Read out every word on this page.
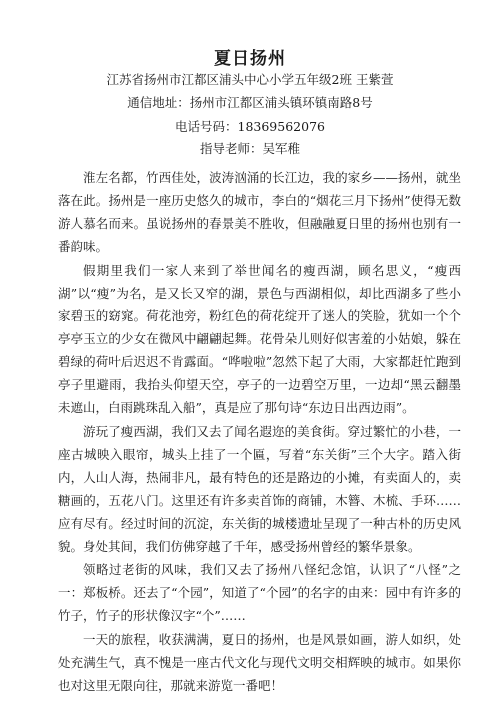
夏日扬州
江苏省扬州市江都区浦头中心小学五年级2班 王紫萱
通信地址：扬州市江都区浦头镇环镇南路8号
电话号码：18369562076
指导老师：吴军稚

淮左名都，竹西佳处，波涛汹涌的长江边，我的家乡——扬州，就坐落在此。扬州是一座历史悠久的城市，李白的“烟花三月下扬州”使得无数游人慕名而来。虽说扬州的春景美不胜收，但融融夏日里的扬州也别有一番韵味。

假期里我们一家人来到了举世闻名的瘦西湖，顾名思义，“瘦西湖”以“瘦”为名，是又长又窄的湖，景色与西湖相似，却比西湖多了些小家碧玉的窈窕。荷花池旁，粉红色的荷花绽开了迷人的笑脸，犹如一个个亭亭玉立的少女在微风中翩翩起舞。花骨朵儿则好似害羞的小姑娘，躲在碧绿的荷叶后迟迟不肯露面。“哗啦啦”忽然下起了大雨，大家都赶忙跑到亭子里避雨，我抬头仰望天空，亭子的一边碧空万里，一边却“黑云翻墨未遮山，白雨跳珠乱入船”，真是应了那句诗“东边日出西边雨”。

游玩了瘦西湖，我们又去了闻名遐迩的美食街。穿过繁忙的小巷，一座古城映入眼帘，城头上挂了一个匾，写着“东关街”三个大字。踏入街内，人山人海，热闹非凡，最有特色的还是路边的小摊，有卖面人的，卖糖画的，五花八门。这里还有许多卖首饰的商铺，木簪、木梳、手环……应有尽有。经过时间的沉淀，东关街的城楼遗址呈现了一种古朴的历史风貌。身处其间，我们仿佛穿越了千年，感受扬州曾经的繁华景象。

领略过老街的风味，我们又去了扬州八怪纪念馆，认识了“八怪”之一：郑板桥。还去了“个园”，知道了“个园”的名字的由来：园中有许多的竹子，竹子的形状像汉字“个”……

一天的旅程，收获满满，夏日的扬州，也是风景如画，游人如织，处处充满生气，真不愧是一座古代文化与现代文明交相辉映的城市。如果你也对这里无限向往，那就来游览一番吧！
